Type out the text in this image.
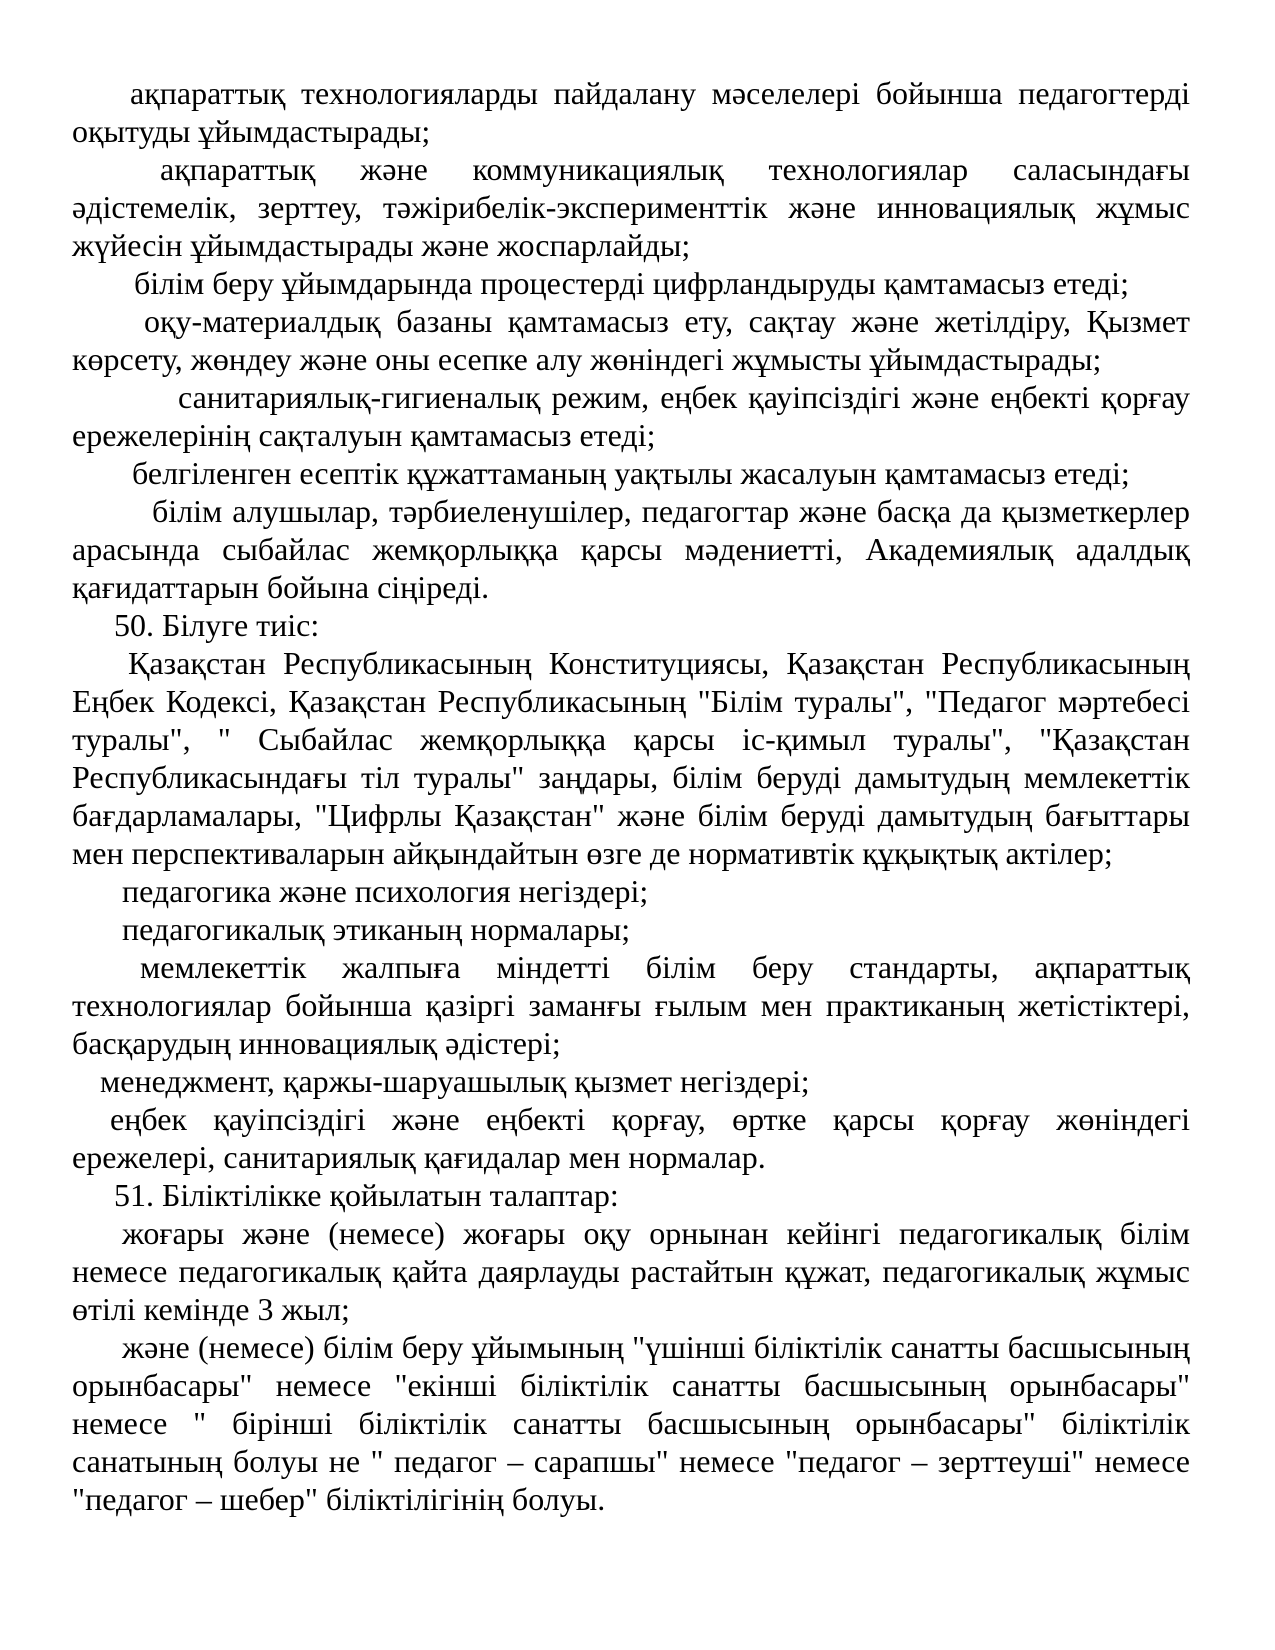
ақпараттық технологияларды пайдалану мәселелері бойынша педагогтерді оқытуды ұйымдастырады;

ақпараттық және коммуникациялық технологиялар саласындағы әдістемелік, зерттеу, тәжірибелік-эксперименттік және инновациялық жұмыс жүйесін ұйымдастырады және жоспарлайды;

білім беру ұйымдарында процестерді цифрландыруды қамтамасыз етеді;

оқу-материалдық базаны қамтамасыз ету, сақтау және жетілдіру, Қызмет көрсету, жөндеу және оны есепке алу жөніндегі жұмысты ұйымдастырады;

санитариялық-гигиеналық режим, еңбек қауіпсіздігі және еңбекті қорғау ережелерінің сақталуын қамтамасыз етеді;

белгіленген есептік құжаттаманың уақтылы жасалуын қамтамасыз етеді;

білім алушылар, тәрбиеленушілер, педагогтар және басқа да қызметкерлер арасында сыбайлас жемқорлыққа қарсы мәдениетті, Академиялық адалдық қағидаттарын бойына сіңіреді.

50. Білуге тиіс:

Қазақстан Республикасының Конституциясы, Қазақстан Республикасының Еңбек Кодексі, Қазақстан Республикасының "Білім туралы", "Педагог мәртебесі туралы", " Сыбайлас жемқорлыққа қарсы іс-қимыл туралы", "Қазақстан Республикасындағы тіл туралы" заңдары, білім беруді дамытудың мемлекеттік бағдарламалары, "Цифрлы Қазақстан" және білім беруді дамытудың бағыттары мен перспективаларын айқындайтын өзге де нормативтік құқықтық актілер;

педагогика және психология негіздері;

педагогикалық этиканың нормалары;

мемлекеттік жалпыға міндетті білім беру стандарты, ақпараттық технологиялар бойынша қазіргі заманғы ғылым мен практиканың жетістіктері, басқарудың инновациялық әдістері;

менеджмент, қаржы-шаруашылық қызмет негіздері;

еңбек қауіпсіздігі және еңбекті қорғау, өртке қарсы қорғау жөніндегі ережелері, санитариялық қағидалар мен нормалар.

51. Біліктілікке қойылатын талаптар:

жоғары және (немесе) жоғары оқу орнынан кейінгі педагогикалық білім немесе педагогикалық қайта даярлауды растайтын құжат, педагогикалық жұмыс өтілі кемінде 3 жыл;

және (немесе) білім беру ұйымының "үшінші біліктілік санатты басшысының орынбасары" немесе "екінші біліктілік санатты басшысының орынбасары" немесе " бірінші біліктілік санатты басшысының орынбасары" біліктілік санатының болуы не " педагог – сарапшы" немесе "педагог – зерттеуші" немесе "педагог – шебер" біліктілігінің болуы.
